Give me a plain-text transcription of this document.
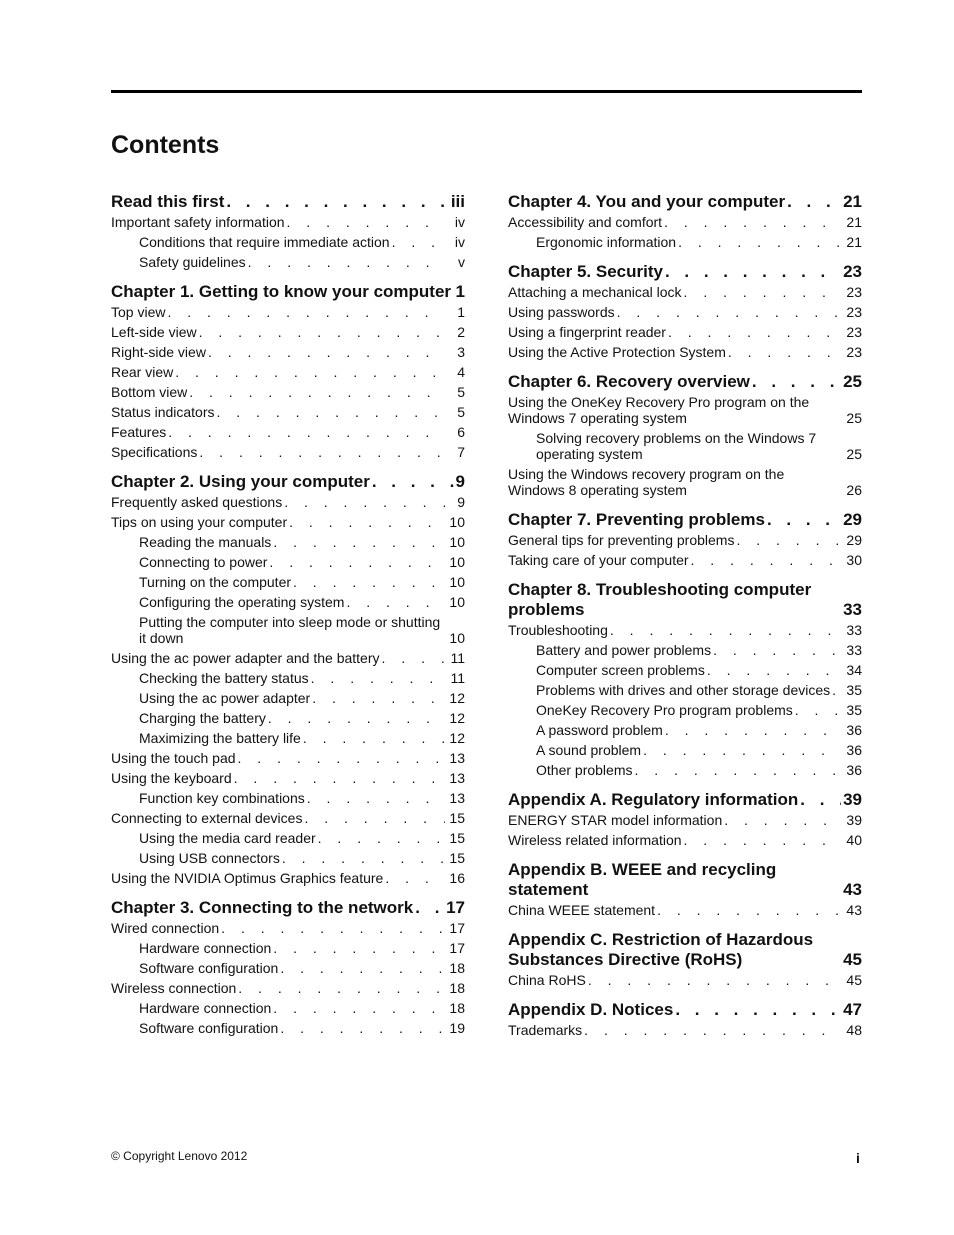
Contents
Read this first . . .	iii
Important safety information . . .	iv
Conditions that require immediate action . . .	iv
Safety guidelines . . .	v
Chapter 1. Getting to know your computer . . . 1
Top view . . .	1
Left-side view . . .	2
Right-side view . . .	3
Rear view . . .	4
Bottom view . . .	5
Status indicators . . .	5
Features . . .	6
Specifications . . .	7
Chapter 2. Using your computer . . .	9
Frequently asked questions . . .	9
Tips on using your computer . . .	10
Reading the manuals . . .	10
Connecting to power . . .	10
Turning on the computer . . .	10
Configuring the operating system . . .	10
Putting the computer into sleep mode or shutting it down	10
Using the ac power adapter and the battery . . .	11
Checking the battery status . . .	11
Using the ac power adapter . . .	12
Charging the battery . . .	12
Maximizing the battery life . . .	12
Using the touch pad . . .	13
Using the keyboard . . .	13
Function key combinations . . .	13
Connecting to external devices . . .	15
Using the media card reader . . .	15
Using USB connectors . . .	15
Using the NVIDIA Optimus Graphics feature . . .	16
Chapter 3. Connecting to the network . . . 17
Wired connection . . .	17
Hardware connection . . .	17
Software configuration . . .	18
Wireless connection . . .	18
Hardware connection . . .	18
Software configuration . . .	19
Chapter 4. You and your computer . . .	21
Accessibility and comfort . . .	21
Ergonomic information . . .	21
Chapter 5. Security . . .	23
Attaching a mechanical lock . . .	23
Using passwords . . .	23
Using a fingerprint reader . . .	23
Using the Active Protection System . . .	23
Chapter 6. Recovery overview . . .	25
Using the OneKey Recovery Pro program on the Windows 7 operating system	25
Solving recovery problems on the Windows 7 operating system	25
Using the Windows recovery program on the Windows 8 operating system	26
Chapter 7. Preventing problems . . .	29
General tips for preventing problems . . .	29
Taking care of your computer . . .	30
Chapter 8. Troubleshooting computer problems	33
Troubleshooting . . .	33
Battery and power problems . . .	33
Computer screen problems . . .	34
Problems with drives and other storage devices . . . 35
OneKey Recovery Pro program problems . . .	35
A password problem . . .	36
A sound problem . . .	36
Other problems . . .	36
Appendix A. Regulatory information . . .	39
ENERGY STAR model information . . .	39
Wireless related information . . .	40
Appendix B. WEEE and recycling statement	43
China WEEE statement . . .	43
Appendix C. Restriction of Hazardous Substances Directive (RoHS)	45
China RoHS . . .	45
Appendix D. Notices . . .	47
Trademarks . . .	48
© Copyright Lenovo 2012	i
